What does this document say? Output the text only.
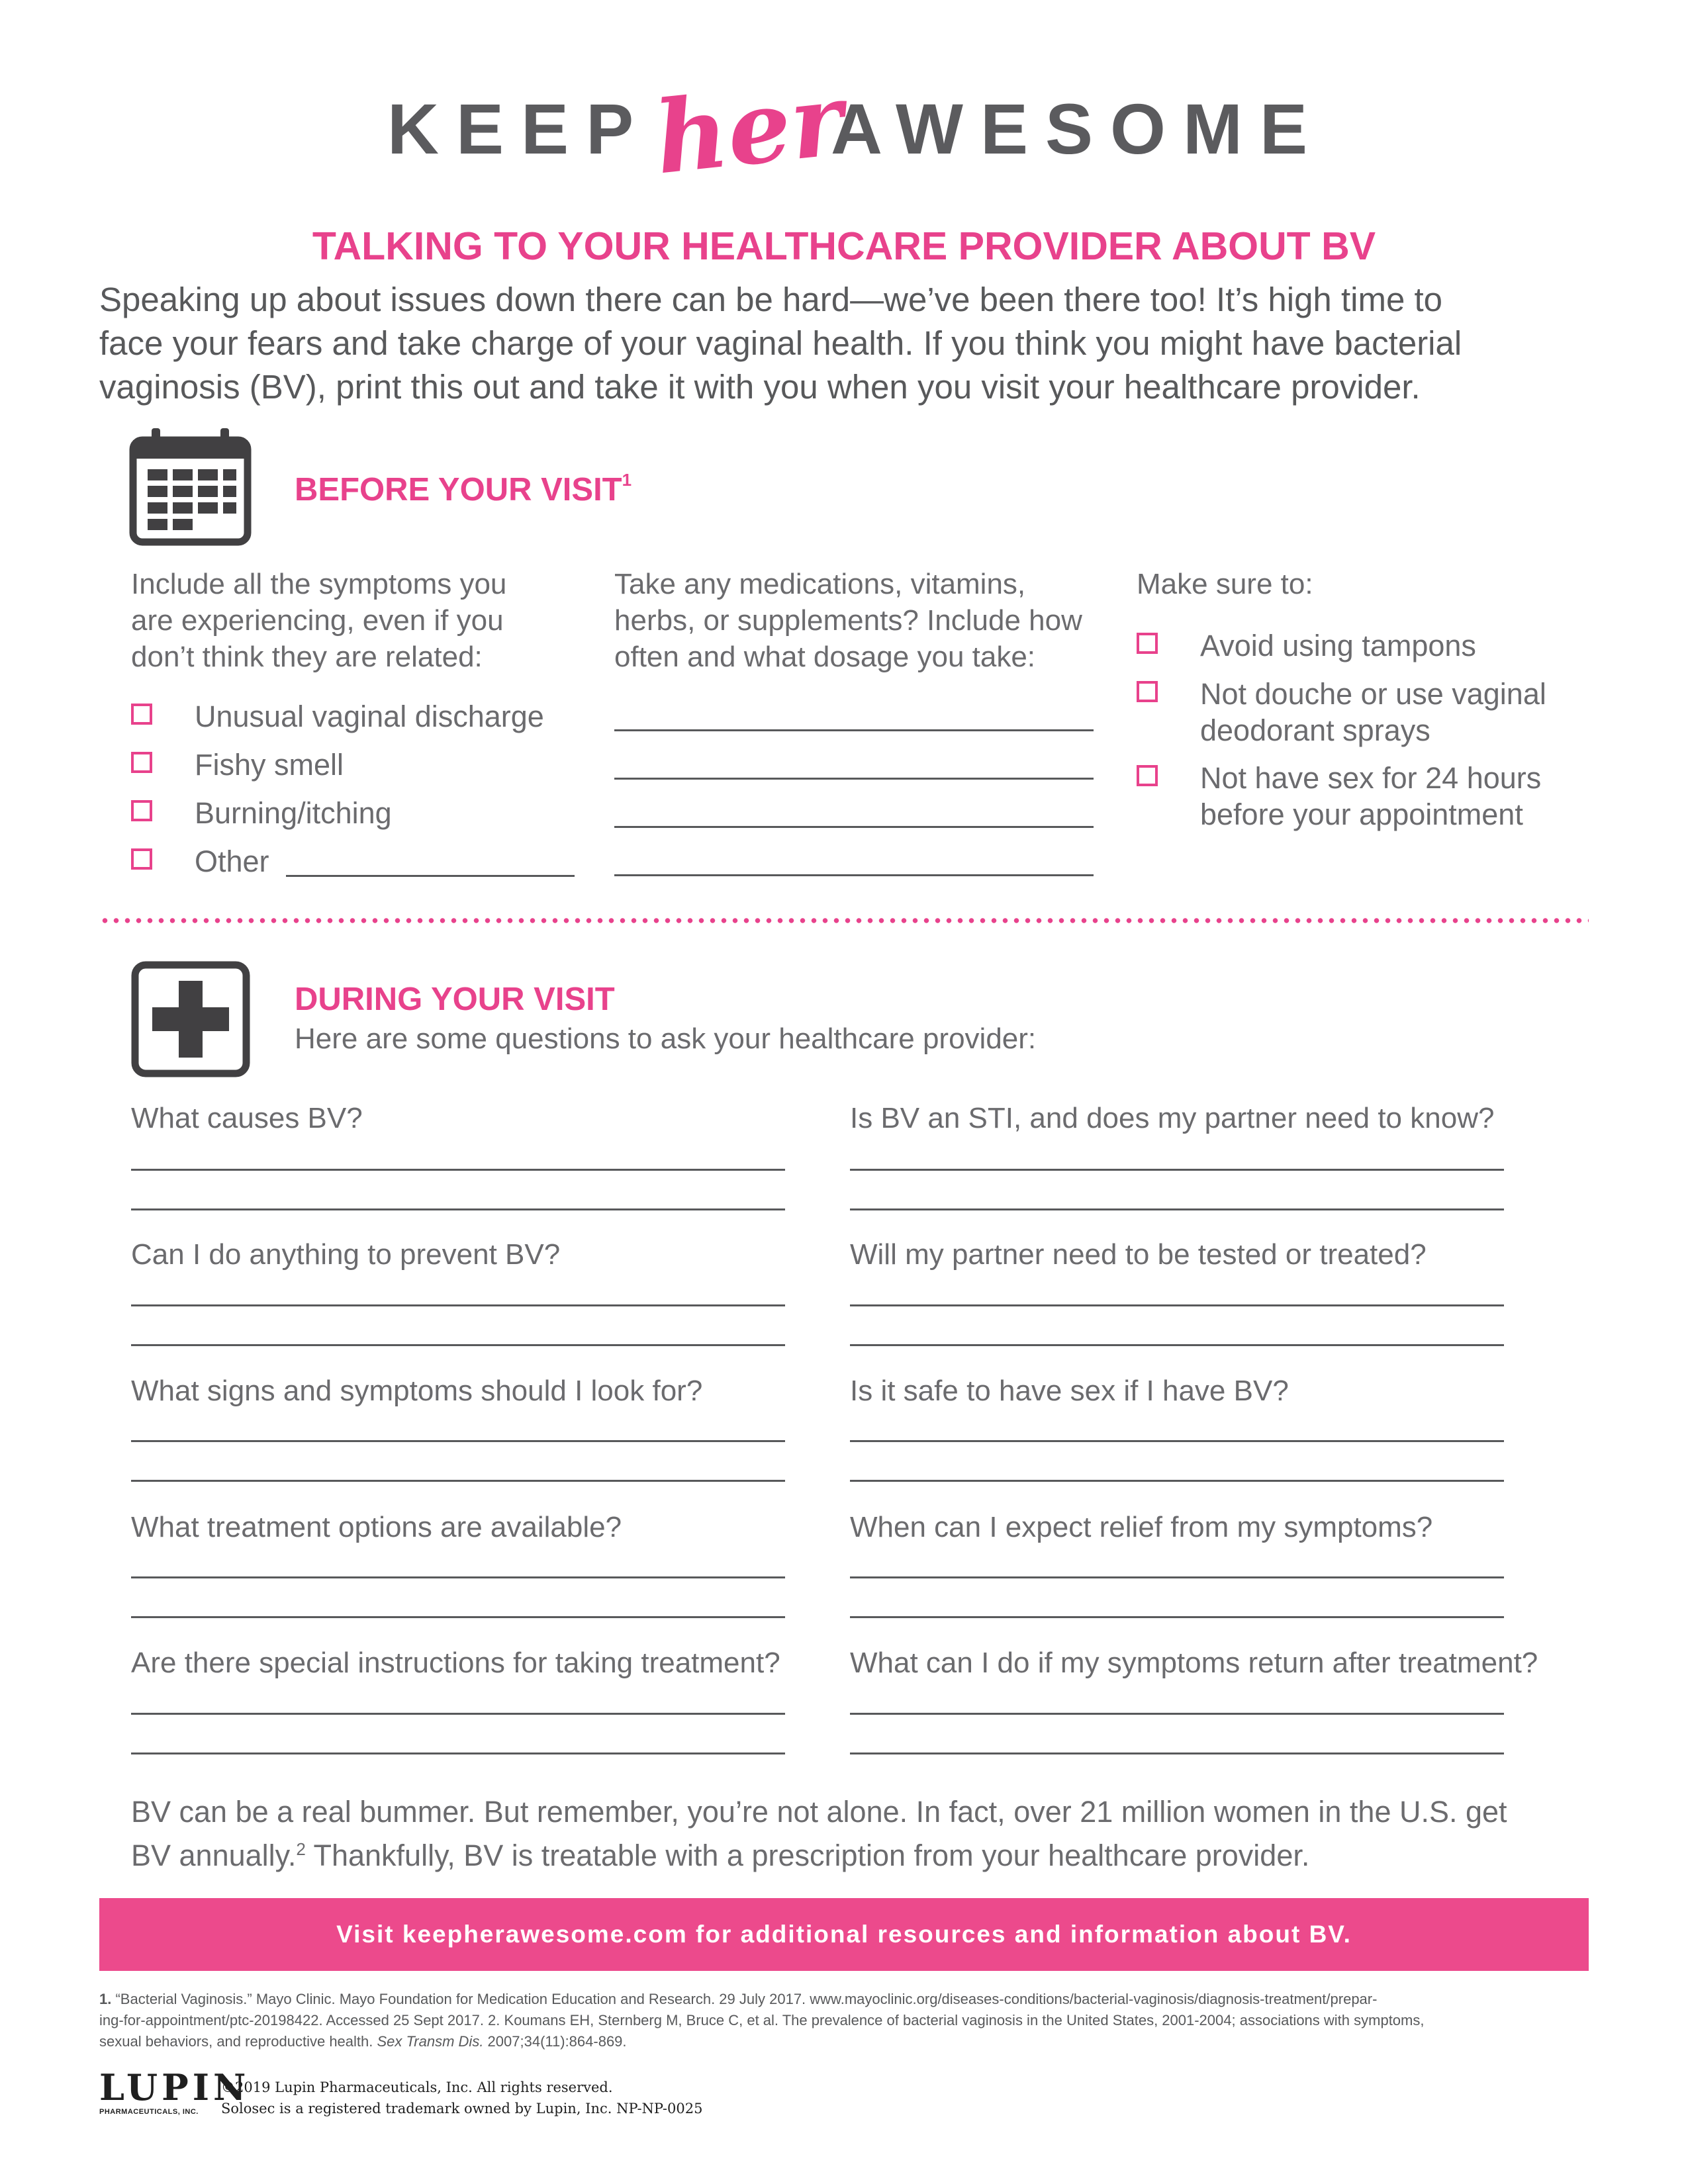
KEEP
her
AWESOME
TALKING TO YOUR HEALTHCARE PROVIDER ABOUT BV
Speaking up about issues down there can be hard—we’ve been there too! It’s high time to
face your fears and take charge of your vaginal health. If you think you might have bacterial
vaginosis (BV), print this out and take it with you when you visit your healthcare provider.
BEFORE YOUR VISIT$^1$
Include all the symptoms you
are experiencing, even if you
don’t think they are related:
Unusual vaginal discharge
Fishy smell
Burning/itching
Other
Take any medications, vitamins,
herbs, or supplements? Include how
often and what dosage you take:
Make sure to:
Avoid using tampons
Not douche or use vaginal
deodorant sprays
Not have sex for 24 hours
before your appointment
DURING YOUR VISIT
Here are some questions to ask your healthcare provider:
What causes BV?
Can I do anything to prevent BV?
What signs and symptoms should I look for?
What treatment options are available?
Are there special instructions for taking treatment?
Is BV an STI, and does my partner need to know?
Will my partner need to be tested or treated?
Is it safe to have sex if I have BV?
When can I expect relief from my symptoms?
What can I do if my symptoms return after treatment?
BV can be a real bummer. But remember, you’re not alone. In fact, over 21 million women in the U.S. get
BV annually.$^2$ Thankfully, BV is treatable with a prescription from your healthcare provider.
Visit keepherawesome.com for additional resources and information about BV.
1. “Bacterial Vaginosis.” Mayo Clinic. Mayo Foundation for Medication Education and Research. 29 July 2017. www.mayoclinic.org/diseases-conditions/bacterial-vaginosis/diagnosis-treatment/prepar-
ing-for-appointment/ptc-20198422. Accessed 25 Sept 2017. 2. Koumans EH, Sternberg M, Bruce C, et al. The prevalence of bacterial vaginosis in the United States, 2001-2004; associations with symptoms,
sexual behaviors, and reproductive health. Sex Transm Dis. 2007;34(11):864-869.
LUPIN
PHARMACEUTICALS, INC.
©2019 Lupin Pharmaceuticals, Inc. All rights reserved.
Solosec is a registered trademark owned by Lupin, Inc. NP-NP-0025
